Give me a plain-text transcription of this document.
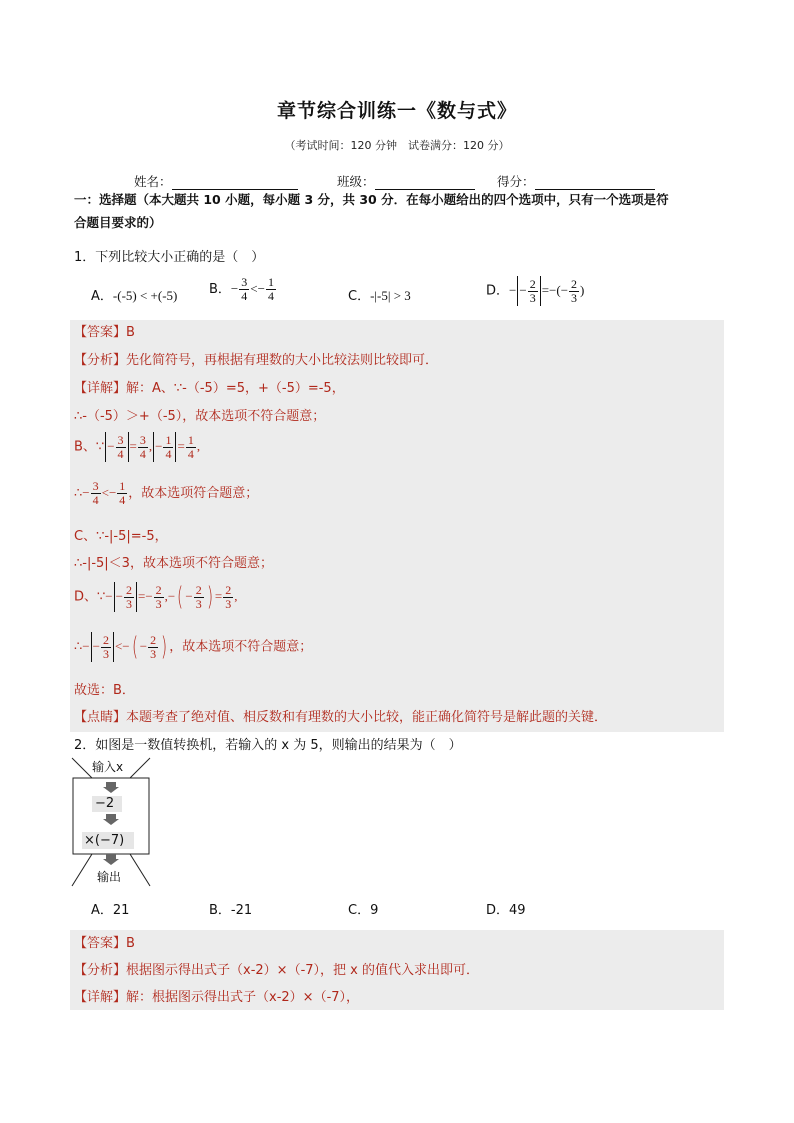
章节综合训练一《数与式》
（考试时间：120 分钟　试卷满分：120 分）
姓名：	班级：	得分：
一：选择题（本大题共 10 小题，每小题 3 分，共 30 分．在每小题给出的四个选项中，只有一个选项是符
合题目要求的）
1．下列比较大小正确的是（　）
A．-(-5) < +(-5) B．− $\frac{3}{4} <- \frac{1}{4}$	C．-|-5| > 3	D．− − $\frac{2}{3}$ =−(− $\frac{2}{3}$ )
【答案】B
【分析】先化简符号，再根据有理数的大小比较法则比较即可．
【详解】解：A、∵-（-5）=5，+（-5）=-5，
∴-（-5）＞+（-5），故本选项不符合题意；
B、∵ − $\frac{3}{4} = \frac{3}{4}$ , − $\frac{1}{4} = \frac{1}{4}$ ,
∴− $\frac{3}{4} <- \frac{1}{4}$ ，故本选项符合题意；
C、∵-|-5|=-5，
∴-|-5|＜3，故本选项不符合题意；
D、∵− − $\frac{2}{3} =- \frac{2}{3}$ ,−( − $\frac{2}{3}$ ) = $\frac{2}{3}$ ,
∴− − $\frac{2}{3}$ <−( − $\frac{2}{3}$ ) ，故本选项不符合题意；
故选：B．
【点睛】本题考查了绝对值、相反数和有理数的大小比较，能正确化简符号是解此题的关键．
2．如图是一数值转换机，若输入的 x 为 5，则输出的结果为（　）
输入x
−2
×(−7)
输出
A．21	B．-21	C．9	D．49
【答案】B
【分析】根据图示得出式子（x-2）×（-7），把 x 的值代入求出即可．
【详解】解：根据图示得出式子（x-2）×（-7），
